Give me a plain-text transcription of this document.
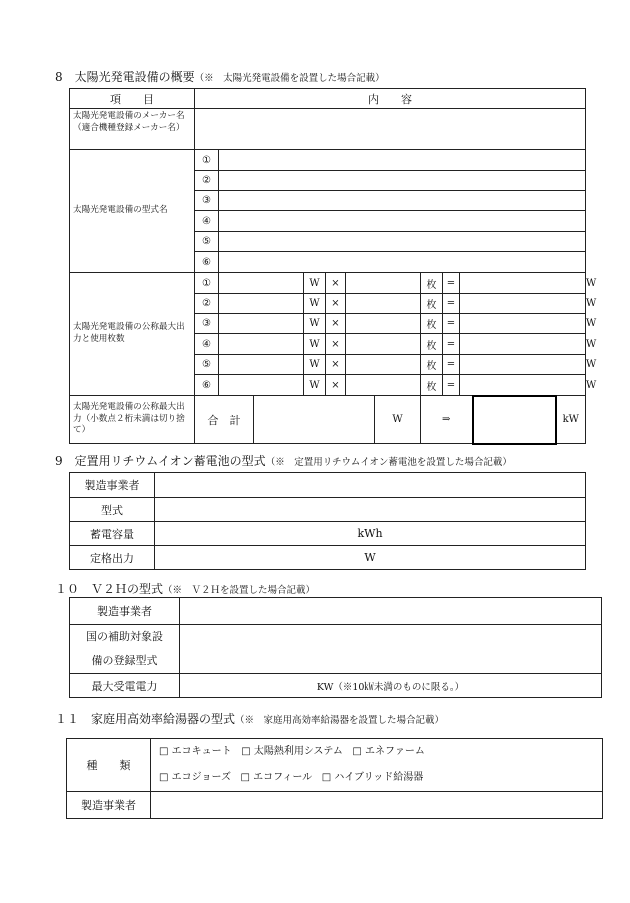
8　太陽光発電設備の概要（※　太陽光発電設備を設置した場合記載）
項　　目	内　　容												
太陽光発電設備のメーカー名（適合機種登録メーカー名）													
太陽光発電設備の型式名	①												
	②												
	③												
	④												
	⑤												
	⑥												
太陽光発電設備の公称最大出力と使用枚数	①			W	×			枚	=				W
	②			W	×			枚	=				W
	③			W	×			枚	=				W
	④			W	×			枚	=				W
	⑤			W	×			枚	=				W
	⑥			W	×			枚	=				W
太陽光発電設備の公称最大出力（小数点２桁未満は切り捨て）	合　計						W	⇒				kW	
9　定置用リチウムイオン蓄電池の型式（※　定置用リチウムイオン蓄電池を設置した場合記載）
製造事業者	
型式	
蓄電容量	kWh
定格出力	W
１０　Ｖ２Ｈの型式（※　Ｖ２Ｈを設置した場合記載）
製造事業者	

国の補助対象設
備の登録型式	

最大受電電力	KW（※10㎾未満のものに限る。）
１１　家庭用高効率給湯器の型式（※　家庭用高効率給湯器を設置した場合記載）
種　　類	□ エコキュート □ 太陽熱利用システム □ エネファーム
□ エコジョーズ □ エコフィール □ ハイブリッド給湯器

製造事業者	
